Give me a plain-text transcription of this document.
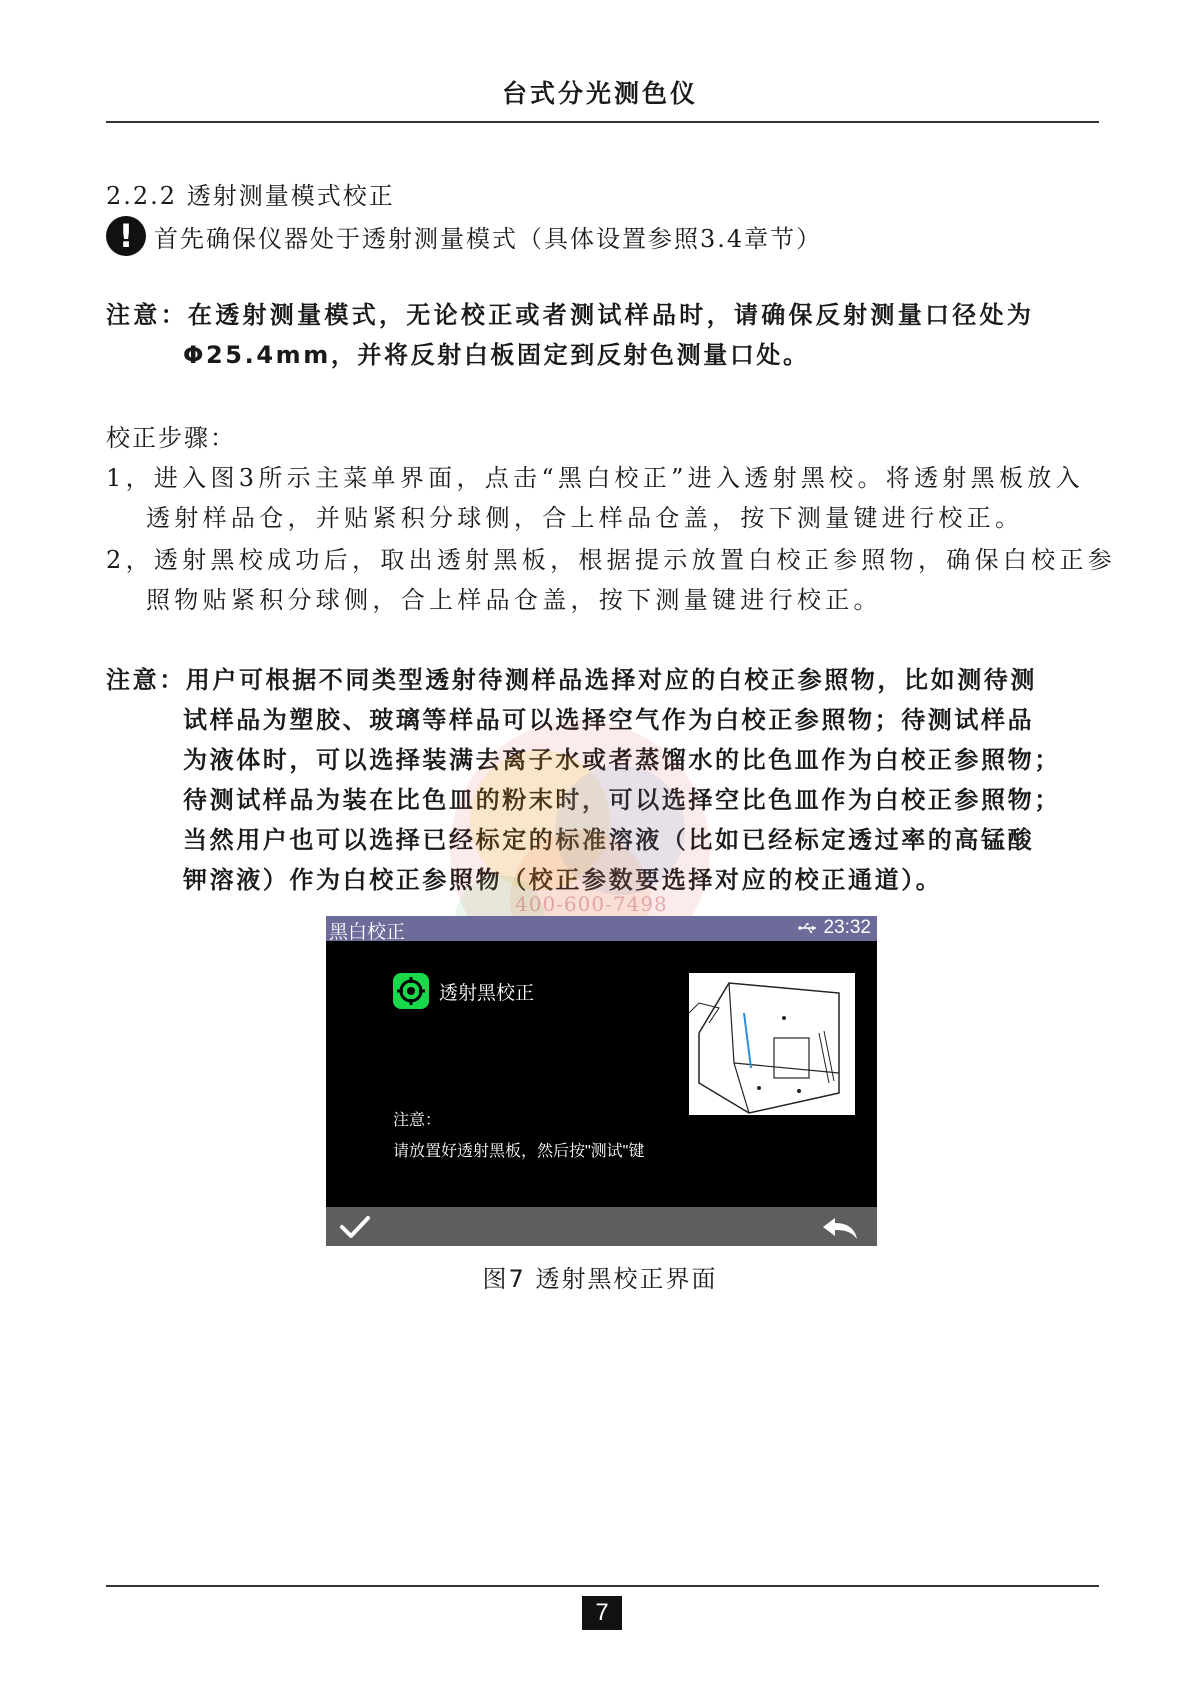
台式分光测色仪
2.2.2 透射测量模式校正
! 首先确保仪器处于透射测量模式（具体设置参照3.4章节）
注意：在透射测量模式，无论校正或者测试样品时，请确保反射测量口径处为
Φ25.4mm，并将反射白板固定到反射色测量口处。
校正步骤：
1，进入图3所示主菜单界面，点击“黑白校正”进入透射黑校。将透射黑板放入
透射样品仓，并贴紧积分球侧，合上样品仓盖，按下测量键进行校正。
2，透射黑校成功后，取出透射黑板，根据提示放置白校正参照物，确保白校正参
照物贴紧积分球侧，合上样品仓盖，按下测量键进行校正。
注意：用户可根据不同类型透射待测样品选择对应的白校正参照物，比如测待测
试样品为塑胶、玻璃等样品可以选择空气作为白校正参照物；待测试样品
为液体时，可以选择装满去离子水或者蒸馏水的比色皿作为白校正参照物；
待测试样品为装在比色皿的粉末时，可以选择空比色皿作为白校正参照物；
当然用户也可以选择已经标定的标准溶液（比如已经标定透过率的高锰酸
钾溶液）作为白校正参照物（校正参数要选择对应的校正通道）。
400-600-7498
黑白校正	23:32
透射黑校正
注意：
请放置好透射黑板，然后按"测试"键
图7 透射黑校正界面
7
